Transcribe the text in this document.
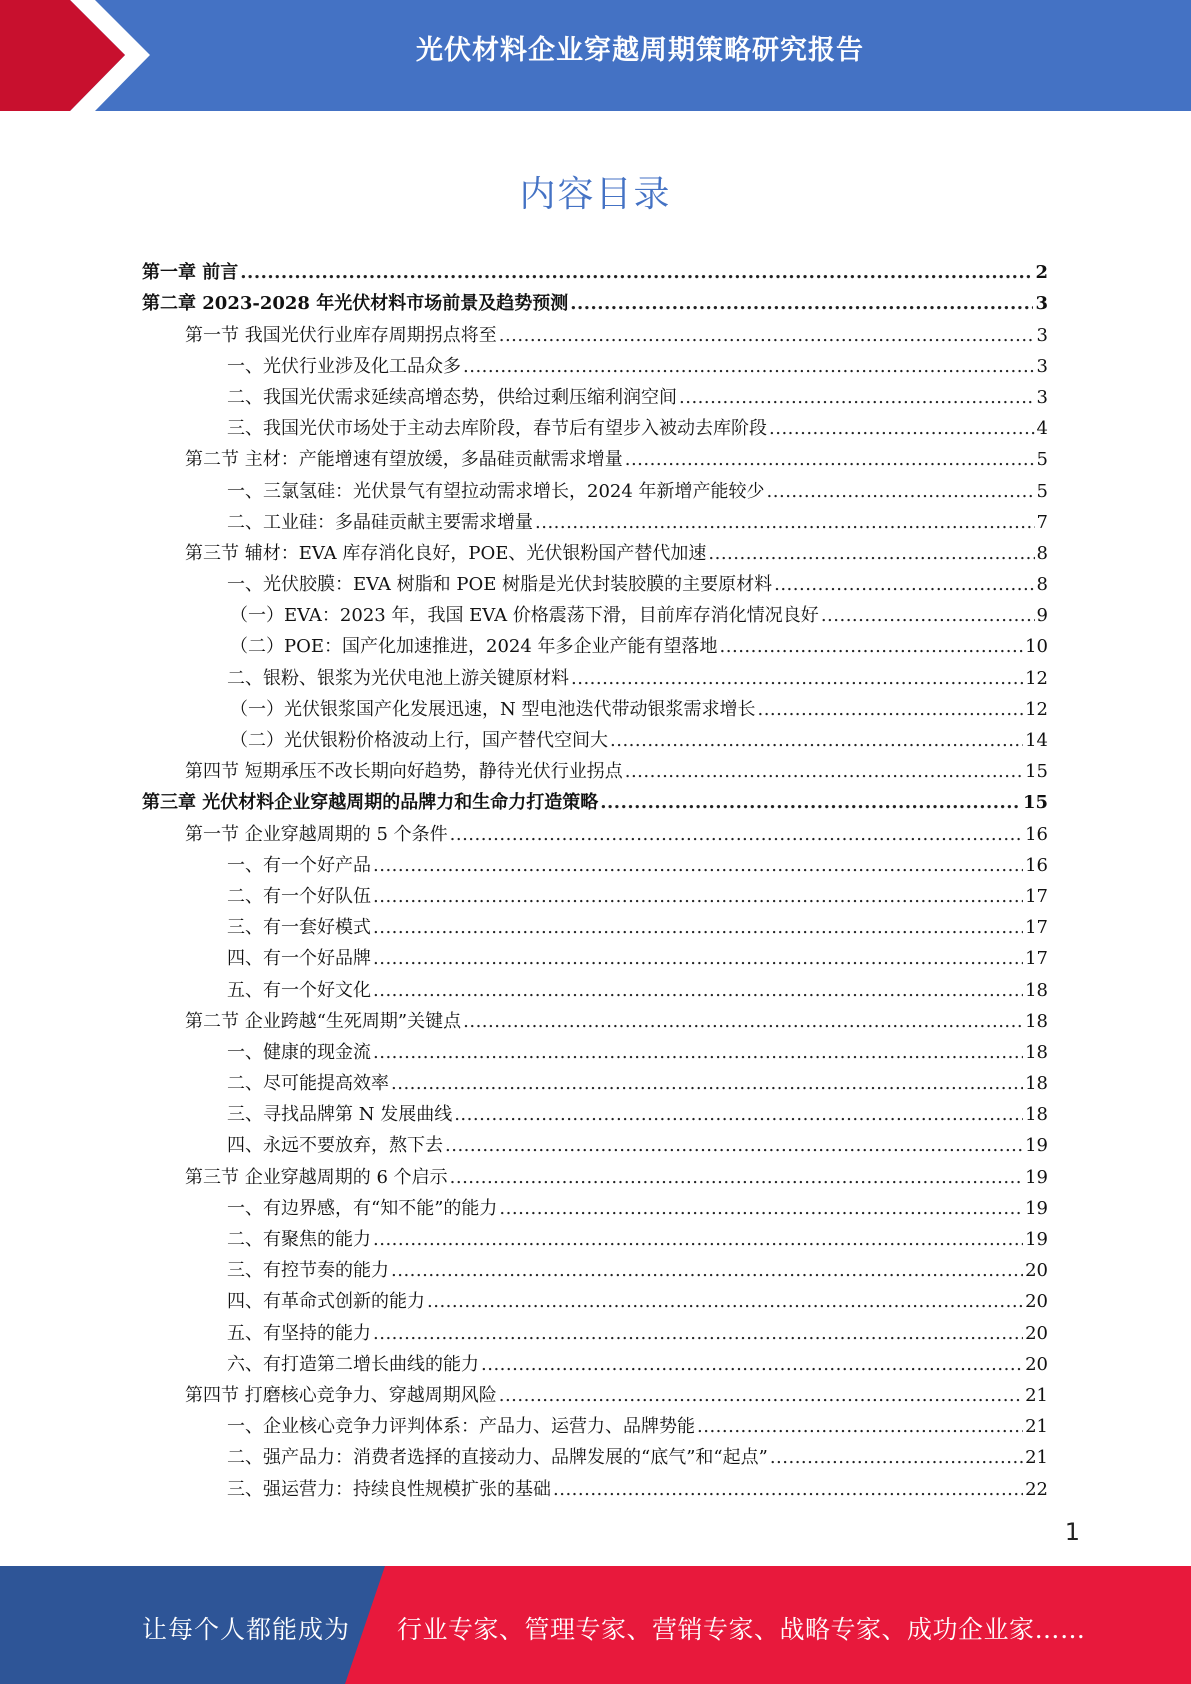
光伏材料企业穿越周期策略研究报告
内容目录
第一章 前言 .....	2
第二章 2023-2028 年光伏材料市场前景及趋势预测 .....	3
第一节 我国光伏行业库存周期拐点将至 .....	3
一、光伏行业涉及化工品众多 .....	3
二、我国光伏需求延续高增态势，供给过剩压缩利润空间 .....	3
三、我国光伏市场处于主动去库阶段，春节后有望步入被动去库阶段 .....	4
第二节 主材：产能增速有望放缓，多晶硅贡献需求增量 .....	5
一、三氯氢硅：光伏景气有望拉动需求增长，2024 年新增产能较少 .....	5
二、工业硅：多晶硅贡献主要需求增量 .....	7
第三节 辅材：EVA 库存消化良好，POE、光伏银粉国产替代加速 .....	8
一、光伏胶膜：EVA 树脂和 POE 树脂是光伏封装胶膜的主要原材料 .....	8
（一）EVA：2023 年，我国 EVA 价格震荡下滑，目前库存消化情况良好 .....	9
（二）POE：国产化加速推进，2024 年多企业产能有望落地 .....	10
二、银粉、银浆为光伏电池上游关键原材料 .....	12
（一）光伏银浆国产化发展迅速，N 型电池迭代带动银浆需求增长 .....	12
（二）光伏银粉价格波动上行，国产替代空间大 .....	14
第四节 短期承压不改长期向好趋势，静待光伏行业拐点 .....	15
第三章 光伏材料企业穿越周期的品牌力和生命力打造策略 .....	15
第一节 企业穿越周期的 5 个条件 .....	16
一、有一个好产品 .....	16
二、有一个好队伍 .....	17
三、有一套好模式 .....	17
四、有一个好品牌 .....	17
五、有一个好文化 .....	18
第二节 企业跨越“生死周期”关键点 .....	18
一、健康的现金流 .....	18
二、尽可能提高效率 .....	18
三、寻找品牌第 N 发展曲线 .....	18
四、永远不要放弃，熬下去 .....	19
第三节 企业穿越周期的 6 个启示 .....	19
一、有边界感，有“知不能”的能力 .....	19
二、有聚焦的能力 .....	19
三、有控节奏的能力 .....	20
四、有革命式创新的能力 .....	20
五、有坚持的能力 .....	20
六、有打造第二增长曲线的能力 .....	20
第四节 打磨核心竞争力、穿越周期风险 .....	21
一、企业核心竞争力评判体系：产品力、运营力、品牌势能 .....	21
二、强产品力：消费者选择的直接动力、品牌发展的“底气”和“起点” .....	21
三、强运营力：持续良性规模扩张的基础 .....	22
1
让每个人都能成为 行业专家、管理专家、营销专家、战略专家、成功企业家……
